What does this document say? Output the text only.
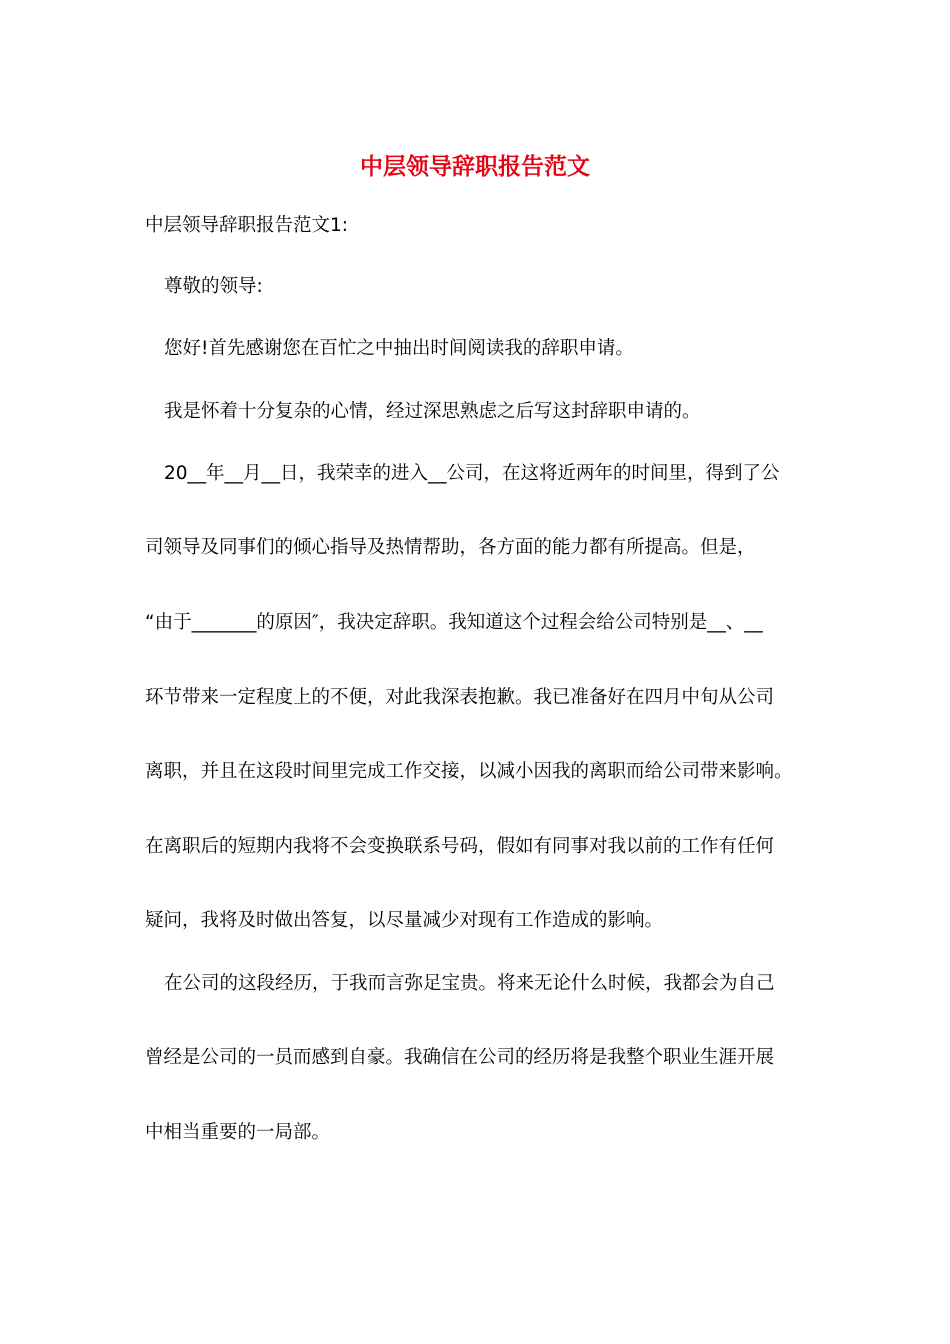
中层领导辞职报告范文
中层领导辞职报告范文1:
尊敬的领导:
您好!首先感谢您在百忙之中抽出时间阅读我的辞职申请。
我是怀着十分复杂的心情，经过深思熟虑之后写这封辞职申请的。
20__年__月__日，我荣幸的进入__公司，在这将近两年的时间里，得到了公
司领导及同事们的倾心指导及热情帮助，各方面的能力都有所提高。但是，
“由于_______的原因″，我决定辞职。我知道这个过程会给公司特别是__、__
环节带来一定程度上的不便，对此我深表抱歉。我已准备好在四月中旬从公司
离职，并且在这段时间里完成工作交接，以减小因我的离职而给公司带来影响。
在离职后的短期内我将不会变换联系号码，假如有同事对我以前的工作有任何
疑问，我将及时做出答复，以尽量减少对现有工作造成的影响。
在公司的这段经历，于我而言弥足宝贵。将来无论什么时候，我都会为自己
曾经是公司的一员而感到自豪。我确信在公司的经历将是我整个职业生涯开展
中相当重要的一局部。
